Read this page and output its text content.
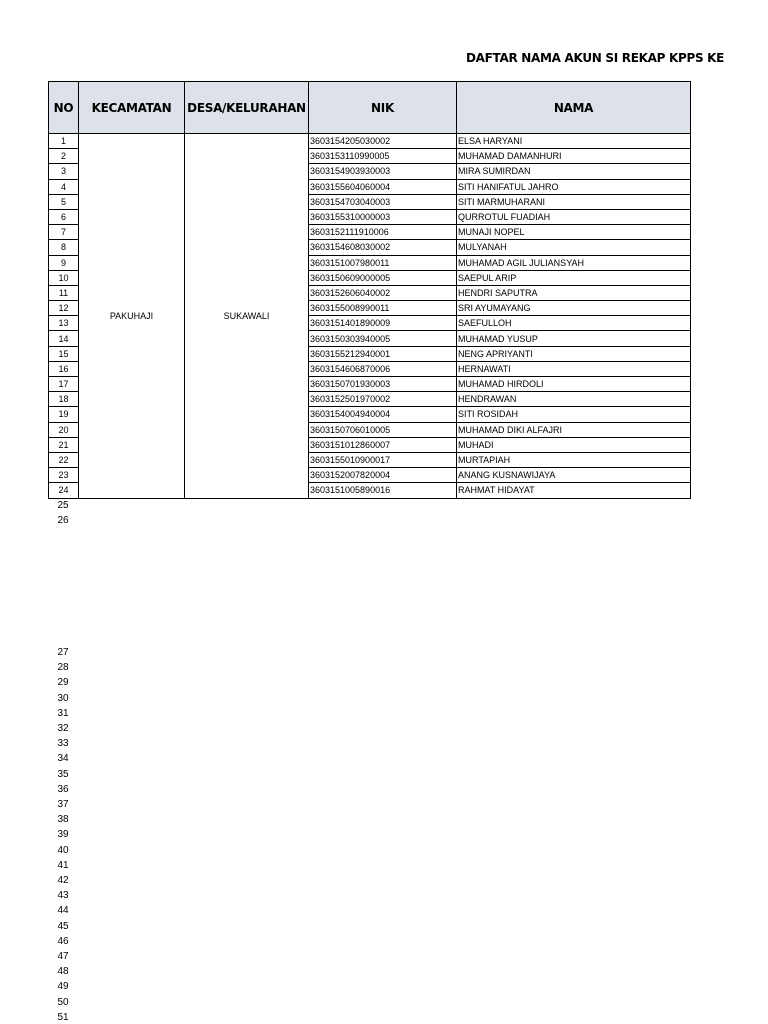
DAFTAR NAMA AKUN SI REKAP KPPS KE
NO	KECAMATAN	DESA/KELURAHAN	NIK	NAMA
1	PAKUHAJI	SUKAWALI	3603154205030002	ELSA HARYANI
2			3603153110990005	MUHAMAD DAMANHURI
3			3603154903930003	MIRA SUMIRDAN
4			3603155604060004	SITI HANIFATUL JAHRO
5			3603154703040003	SITI MARMUHARANI
6			3603155310000003	QURROTUL FUADIAH
7			3603152111910006	MUNAJI NOPEL
8			3603154608030002	MULYANAH
9			3603151007980011	MUHAMAD AGIL JULIANSYAH
10			3603150609000005	SAEPUL ARIP
11			3603152606040002	HENDRI SAPUTRA
12			3603155008990011	SRI AYUMAYANG
13			3603151401890009	SAEFULLOH
14			3603150303940005	MUHAMAD YUSUP
15			3603155212940001	NENG APRIYANTI
16			3603154606870006	HERNAWATI
17			3603150701930003	MUHAMAD HIRDOLI
18			3603152501970002	HENDRAWAN
19			3603154004940004	SITI ROSIDAH
20			3603150706010005	MUHAMAD DIKI ALFAJRI
21			3603151012860007	MUHADI
22			3603155010900017	MURTAPIAH
23			3603152007820004	ANANG KUSNAWIJAYA
24			3603151005890016	RAHMAT HIDAYAT
25
26
27
28
29
30
31
32
33
34
35
36
37
38
39
40
41
42
43
44
45
46
47
48
49
50
51
